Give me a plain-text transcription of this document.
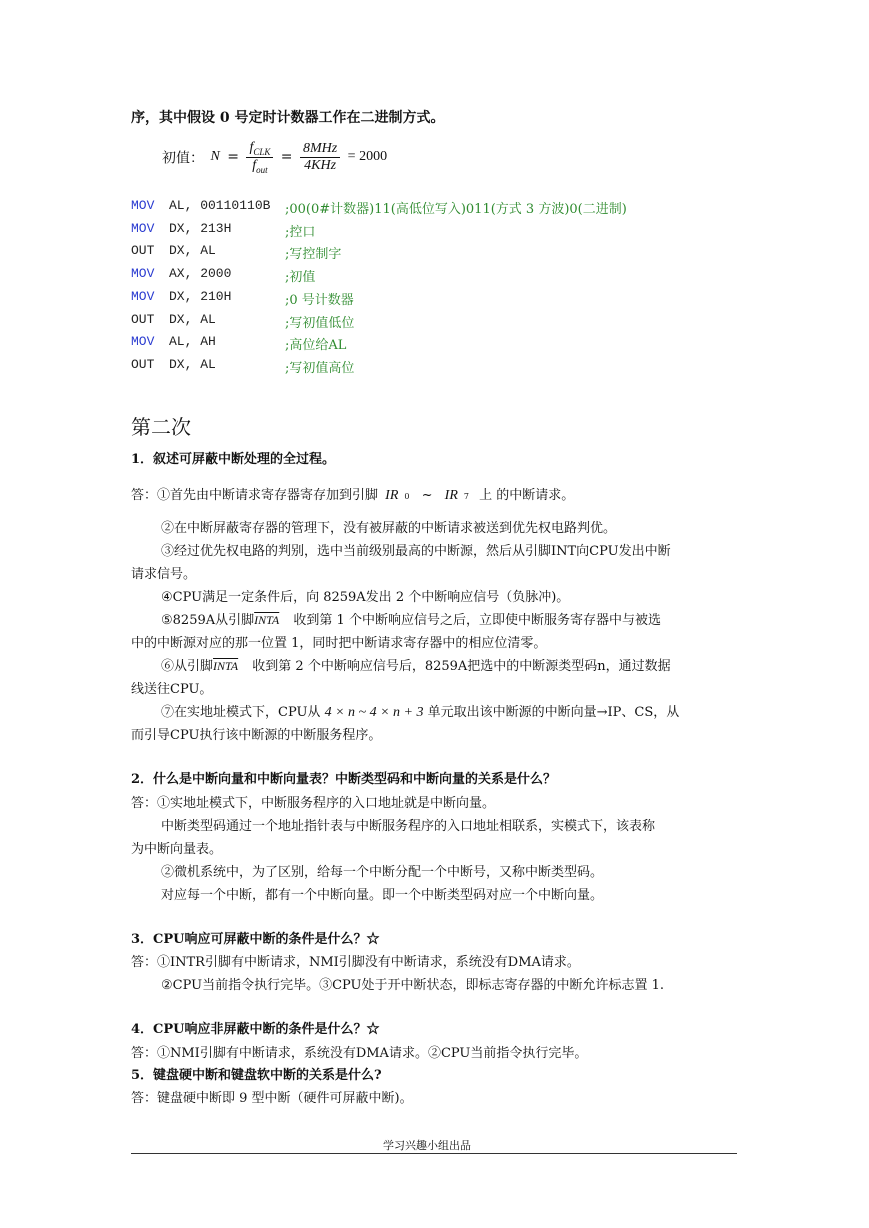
序，其中假设 0 号定时计数器工作在二进制方式。
初值： $N = \frac{f_{CLK}}{f_{out}} = \frac{\text{8MHz}}{\text{4KHz}} = 2000$
MOV AL, 00110110B ;00(0#计数器)11(高低位写入)011(方式 3 方波)0(二进制)
MOV DX, 213H	;控口
OUT DX, AL	;写控制字
MOV AX, 2000	;初值
MOV DX, 210H	;0 号计数器
OUT DX, AL	;写初值低位
MOV AL, AH	;高位给AL
OUT DX, AL	;写初值高位
第二次
1．叙述可屏蔽中断处理的全过程。
答：①首先由中断请求寄存器寄存加到引脚 IR 0 ~ IR 7 上 的中断请求。
②在中断屏蔽寄存器的管理下，没有被屏蔽的中断请求被送到优先权电路判优。
③经过优先权电路的判别，选中当前级别最高的中断源，然后从引脚INT向CPU发出中断
请求信号。
④CPU满足一定条件后，向 8259A发出 2 个中断响应信号（负脉冲)。
⑤8259A从引脚INTA 收到第 1 个中断响应信号之后，立即使中断服务寄存器中与被选
中的中断源对应的那一位置 1，同时把中断请求寄存器中的相应位清零。
⑥从引脚INTA 收到第 2 个中断响应信号后，8259A把选中的中断源类型码n，通过数据
线送往CPU。
⑦在实地址模式下，CPU从 4 × n ~ 4 × n + 3 单元取出该中断源的中断向量→IP、CS，从
而引导CPU执行该中断源的中断服务程序。
2．什么是中断向量和中断向量表？中断类型码和中断向量的关系是什么？
答：①实地址模式下，中断服务程序的入口地址就是中断向量。
中断类型码通过一个地址指针表与中断服务程序的入口地址相联系，实模式下，该表称
为中断向量表。
②微机系统中，为了区别，给每一个中断分配一个中断号，又称中断类型码。
对应每一个中断，都有一个中断向量。即一个中断类型码对应一个中断向量。
3．CPU响应可屏蔽中断的条件是什么？☆
答：①INTR引脚有中断请求，NMI引脚没有中断请求，系统没有DMA请求。
②CPU当前指令执行完毕。③CPU处于开中断状态，即标志寄存器的中断允许标志置 1.
4．CPU响应非屏蔽中断的条件是什么？☆
答：①NMI引脚有中断请求，系统没有DMA请求。②CPU当前指令执行完毕。
5．键盘硬中断和键盘软中断的关系是什么?
答：键盘硬中断即 9 型中断（硬件可屏蔽中断)。
学习兴趣小组出品
